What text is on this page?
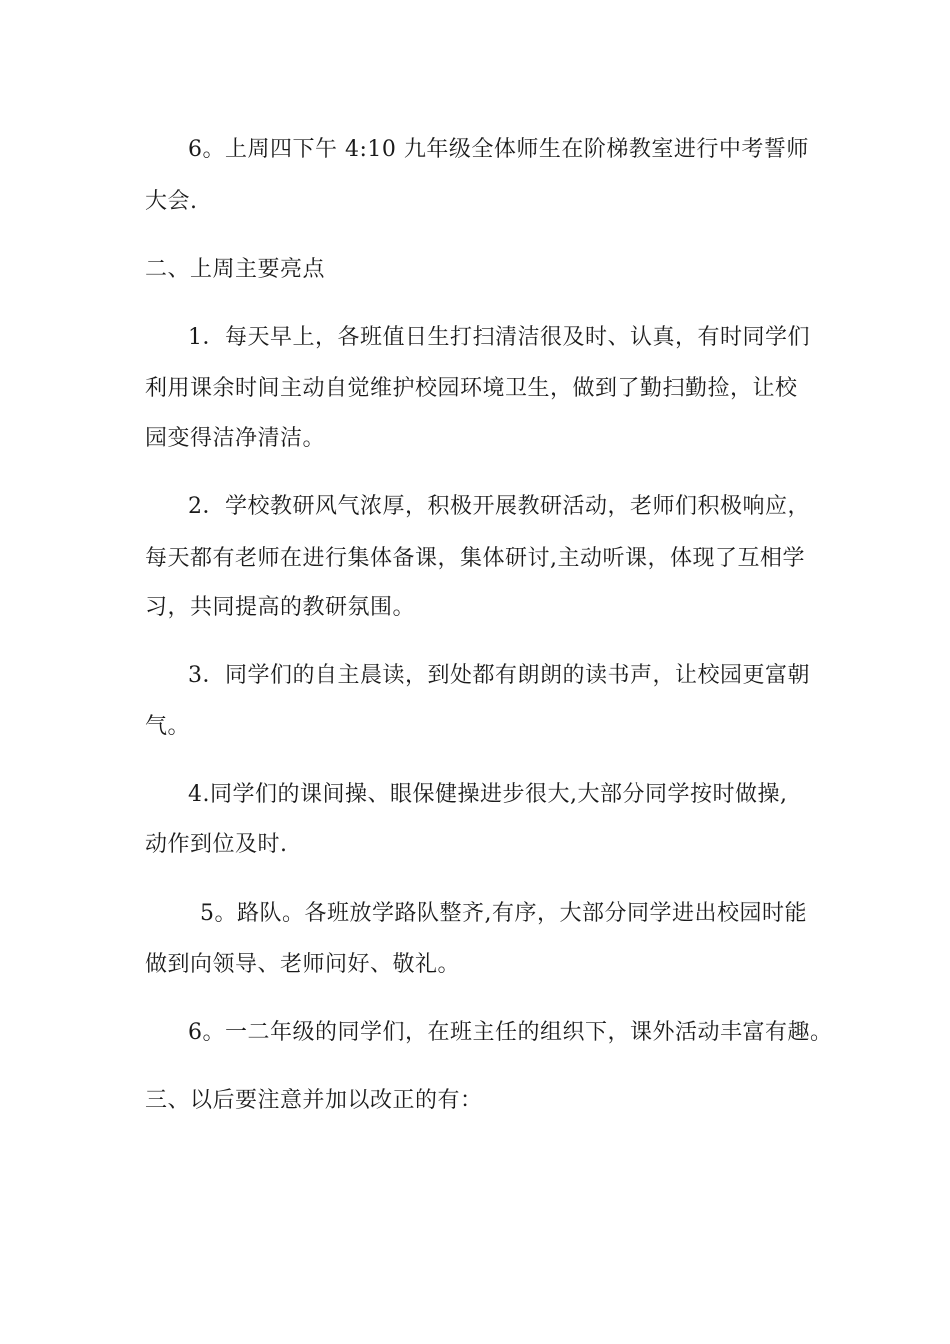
6。上周四下午 4:10 九年级全体师生在阶梯教室进行中考誓师
大会.
二、上周主要亮点
1．每天早上，各班值日生打扫清洁很及时、认真，有时同学们
利用课余时间主动自觉维护校园环境卫生，做到了勤扫勤捡，让校
园变得洁净清洁。
2．学校教研风气浓厚，积极开展教研活动，老师们积极响应，
每天都有老师在进行集体备课，集体研讨,主动听课，体现了互相学
习，共同提高的教研氛围。
3．同学们的自主晨读，到处都有朗朗的读书声，让校园更富朝
气。
4.同学们的课间操、眼保健操进步很大,大部分同学按时做操,
动作到位及时.
5。路队。各班放学路队整齐,有序，大部分同学进出校园时能
做到向领导、老师问好、敬礼。
6。一二年级的同学们，在班主任的组织下，课外活动丰富有趣。
三、以后要注意并加以改正的有：
